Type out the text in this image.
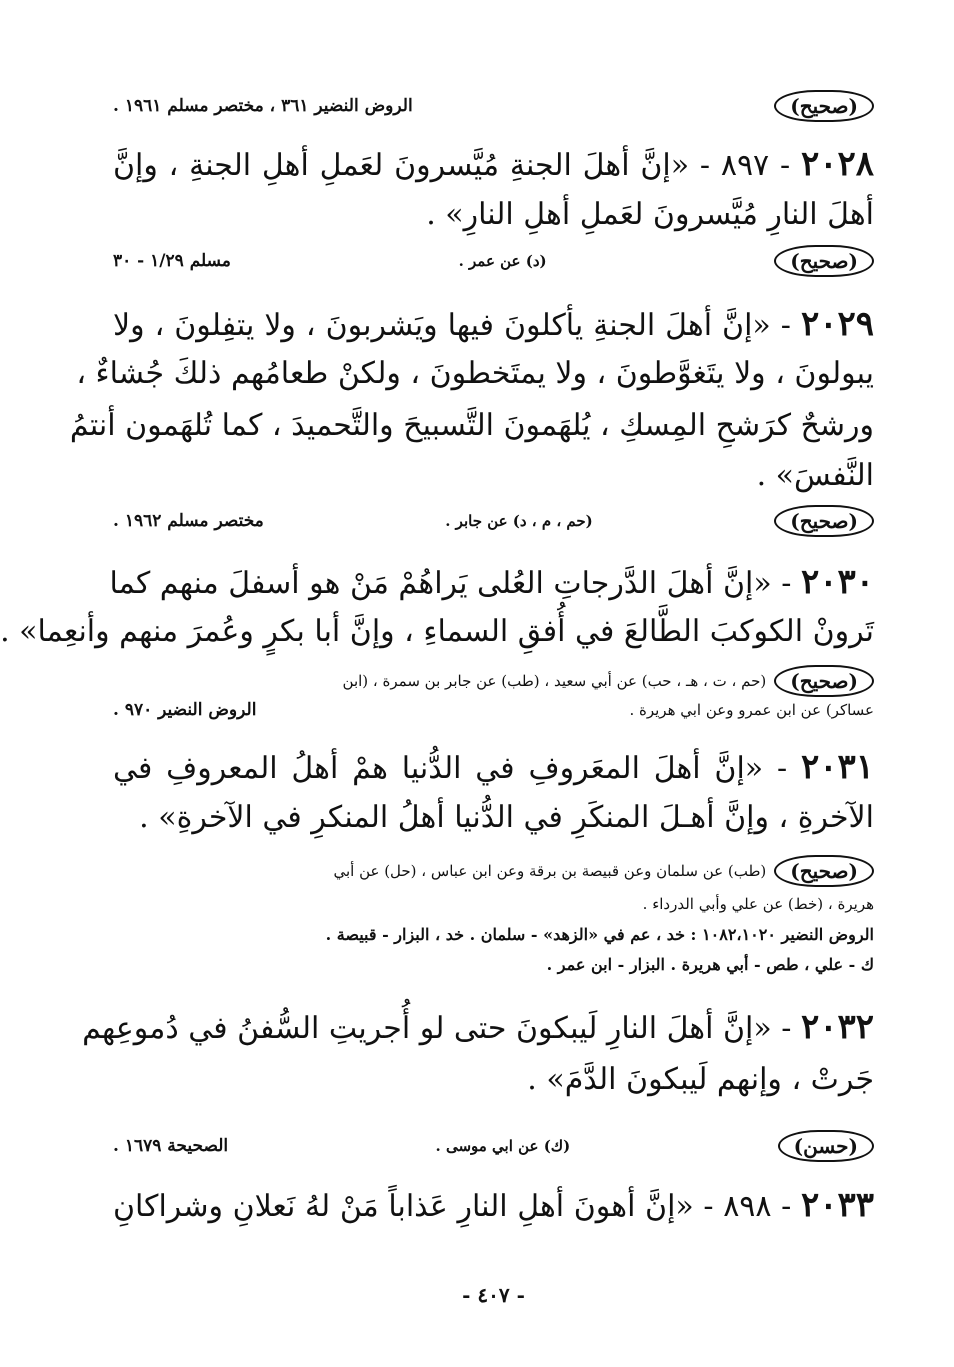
(صحيح)
الروض النضير ٣٦١ ، مختصر مسلم ١٩٦١ .
٢٠٢٨ - ٨٩٧ - «إنَّ أهلَ الجنةِ مُيَّسرونَ لعَملِ أهلِ الجنةِ ، وإنَّ
أهلَ النارِ مُيَّسرونَ لعَملِ أهلِ النارِ» .
(صحيح)
(د) عن عمر .
مسلم ١/٢٩ - ٣٠
٢٠٢٩ - «إنَّ أهلَ الجنةِ يأكلونَ فيها ويَشربونَ ، ولا يتفِلونَ ، ولا
يبولونَ ، ولا يتَغوَّطونَ ، ولا يمتَخطونَ ، ولكنْ طعامُهم ذلكَ جُشاءٌ ،
ورشحٌ كرَشحِ المِسكِ ، يُلهَمونَ التَّسبيحَ والتَّحميدَ ، كما تُلهَمون أنتمُ
النَّفسَ» .
(صحيح)
(حم ، م ، د) عن جابر .
مختصر مسلم ١٩٦٢ .
٢٠٣٠ - «إنَّ أهلَ الدَّرجاتِ العُلى يَراهُمْ مَنْ هو أسفلَ منهم كما
تَرونْ الكوكبَ الطَّالعَ في أُفقِ السماءِ ، وإنَّ أبا بكرٍ وعُمرَ منهم وأنعِما» .
(صحيح)
(حم ، ت ، هـ ، حب) عن أبي سعيد ، (طب) عن جابر بن سمرة ، (ابن
عساكر) عن ابن عمرو وعن ابي هريرة .
الروض النضير ٩٧٠ .
٢٠٣١ - «إنَّ أهلَ المعَروفِ في الدُّنيا همْ أهلُ المعروفِ في
الآخرةِ ، وإنَّ أهـلَ المنكَرِ في الدُّنيا أهلُ المنكرِ في الآخرةِ» .
(صحيح)
(طب) عن سلمان وعن قبيصة بن برقة وعن ابن عباس ، (حل) عن أبي
هريرة ، (خط) عن علي وأبي الدرداء .
الروض النضير ١٠٨٢،١٠٢٠ : خد ، عم في «الزهد» - سلمان . خد ، البزار - قبيصة .
ك - علي ، طص - أبي هريرة . البزار - ابن عمر .
٢٠٣٢ - «إنَّ أهلَ النارِ لَيبكونَ حتى لو أُجريتِ السُّفنُ في دُموعِهم
جَرتْ ، وإنهم لَيبكونَ الدَّمَ» .
(حسن)
(ك) عن ابي موسى .
الصحيحة ١٦٧٩ .
٢٠٣٣ - ٨٩٨ - «إنَّ أهونَ أهلِ النارِ عَذاباً مَنْ لهُ نَعلانِ وشراكانِ
- ٤٠٧ -
